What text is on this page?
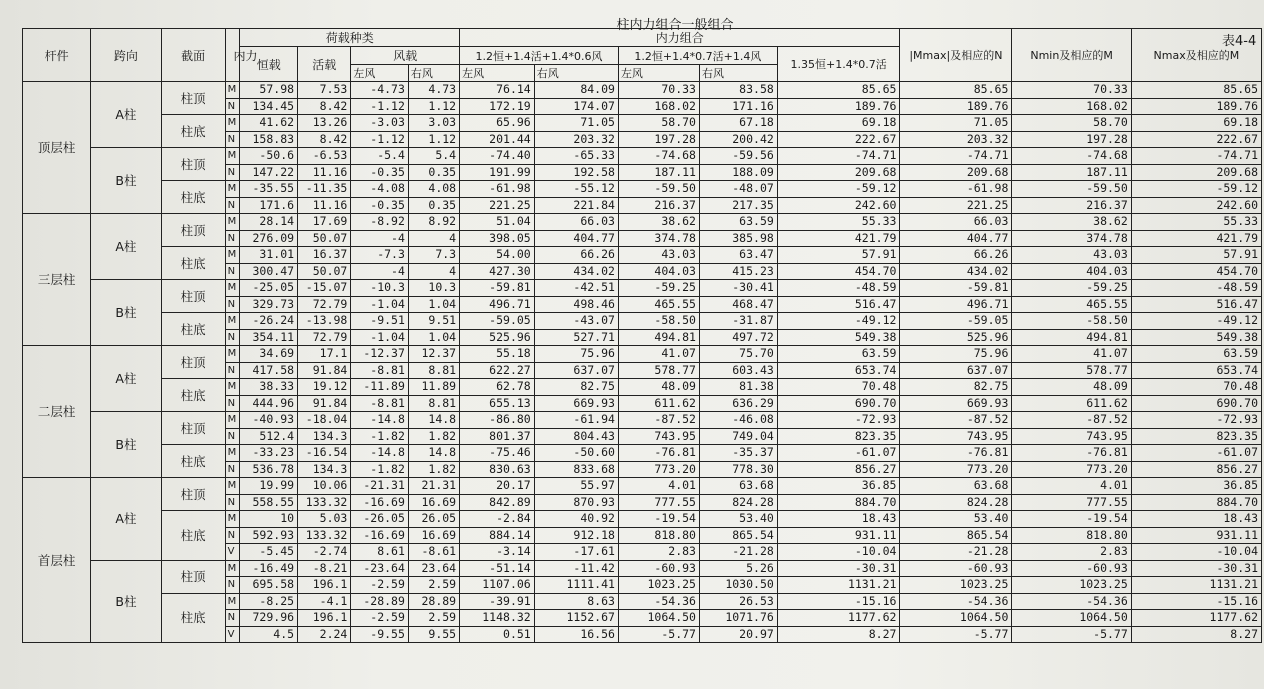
柱内力组合一般组合
表4-4
杆件	跨向	截面	内力	荷载种类				内力组合					|Mmax|及相应的N	Nmin及相应的M	Nmax及相应的M
				恒载	活载	风载		1.2恒+1.4活+1.4*0.6风		1.2恒+1.4*0.7活+1.4风		1.35恒+1.4*0.7活			
						左风	右风	左风	右风	左风	右风				
顶层柱	A柱	柱顶	M	57.98	7.53	-4.73	4.73	76.14	84.09	70.33	83.58	85.65	85.65	70.33	85.65
			N	134.45	8.42	-1.12	1.12	172.19	174.07	168.02	171.16	189.76	189.76	168.02	189.76
		柱底	M	41.62	13.26	-3.03	3.03	65.96	71.05	58.70	67.18	69.18	71.05	58.70	69.18
			N	158.83	8.42	-1.12	1.12	201.44	203.32	197.28	200.42	222.67	203.32	197.28	222.67
	B柱	柱顶	M	-50.6	-6.53	-5.4	5.4	-74.40	-65.33	-74.68	-59.56	-74.71	-74.71	-74.68	-74.71
			N	147.22	11.16	-0.35	0.35	191.99	192.58	187.11	188.09	209.68	209.68	187.11	209.68
		柱底	M	-35.55	-11.35	-4.08	4.08	-61.98	-55.12	-59.50	-48.07	-59.12	-61.98	-59.50	-59.12
			N	171.6	11.16	-0.35	0.35	221.25	221.84	216.37	217.35	242.60	221.25	216.37	242.60
三层柱	A柱	柱顶	M	28.14	17.69	-8.92	8.92	51.04	66.03	38.62	63.59	55.33	66.03	38.62	55.33
			N	276.09	50.07	-4	4	398.05	404.77	374.78	385.98	421.79	404.77	374.78	421.79
		柱底	M	31.01	16.37	-7.3	7.3	54.00	66.26	43.03	63.47	57.91	66.26	43.03	57.91
			N	300.47	50.07	-4	4	427.30	434.02	404.03	415.23	454.70	434.02	404.03	454.70
	B柱	柱顶	M	-25.05	-15.07	-10.3	10.3	-59.81	-42.51	-59.25	-30.41	-48.59	-59.81	-59.25	-48.59
			N	329.73	72.79	-1.04	1.04	496.71	498.46	465.55	468.47	516.47	496.71	465.55	516.47
		柱底	M	-26.24	-13.98	-9.51	9.51	-59.05	-43.07	-58.50	-31.87	-49.12	-59.05	-58.50	-49.12
			N	354.11	72.79	-1.04	1.04	525.96	527.71	494.81	497.72	549.38	525.96	494.81	549.38
二层柱	A柱	柱顶	M	34.69	17.1	-12.37	12.37	55.18	75.96	41.07	75.70	63.59	75.96	41.07	63.59
			N	417.58	91.84	-8.81	8.81	622.27	637.07	578.77	603.43	653.74	637.07	578.77	653.74
		柱底	M	38.33	19.12	-11.89	11.89	62.78	82.75	48.09	81.38	70.48	82.75	48.09	70.48
			N	444.96	91.84	-8.81	8.81	655.13	669.93	611.62	636.29	690.70	669.93	611.62	690.70
	B柱	柱顶	M	-40.93	-18.04	-14.8	14.8	-86.80	-61.94	-87.52	-46.08	-72.93	-87.52	-87.52	-72.93
			N	512.4	134.3	-1.82	1.82	801.37	804.43	743.95	749.04	823.35	743.95	743.95	823.35
		柱底	M	-33.23	-16.54	-14.8	14.8	-75.46	-50.60	-76.81	-35.37	-61.07	-76.81	-76.81	-61.07
			N	536.78	134.3	-1.82	1.82	830.63	833.68	773.20	778.30	856.27	773.20	773.20	856.27
首层柱	A柱	柱顶	M	19.99	10.06	-21.31	21.31	20.17	55.97	4.01	63.68	36.85	63.68	4.01	36.85
			N	558.55	133.32	-16.69	16.69	842.89	870.93	777.55	824.28	884.70	824.28	777.55	884.70
		柱底	M	10	5.03	-26.05	26.05	-2.84	40.92	-19.54	53.40	18.43	53.40	-19.54	18.43
			N	592.93	133.32	-16.69	16.69	884.14	912.18	818.80	865.54	931.11	865.54	818.80	931.11
			V	-5.45	-2.74	8.61	-8.61	-3.14	-17.61	2.83	-21.28	-10.04	-21.28	2.83	-10.04
	B柱	柱顶	M	-16.49	-8.21	-23.64	23.64	-51.14	-11.42	-60.93	5.26	-30.31	-60.93	-60.93	-30.31
			N	695.58	196.1	-2.59	2.59	1107.06	1111.41	1023.25	1030.50	1131.21	1023.25	1023.25	1131.21
		柱底	M	-8.25	-4.1	-28.89	28.89	-39.91	8.63	-54.36	26.53	-15.16	-54.36	-54.36	-15.16
			N	729.96	196.1	-2.59	2.59	1148.32	1152.67	1064.50	1071.76	1177.62	1064.50	1064.50	1177.62
			V	4.5	2.24	-9.55	9.55	0.51	16.56	-5.77	20.97	8.27	-5.77	-5.77	8.27
